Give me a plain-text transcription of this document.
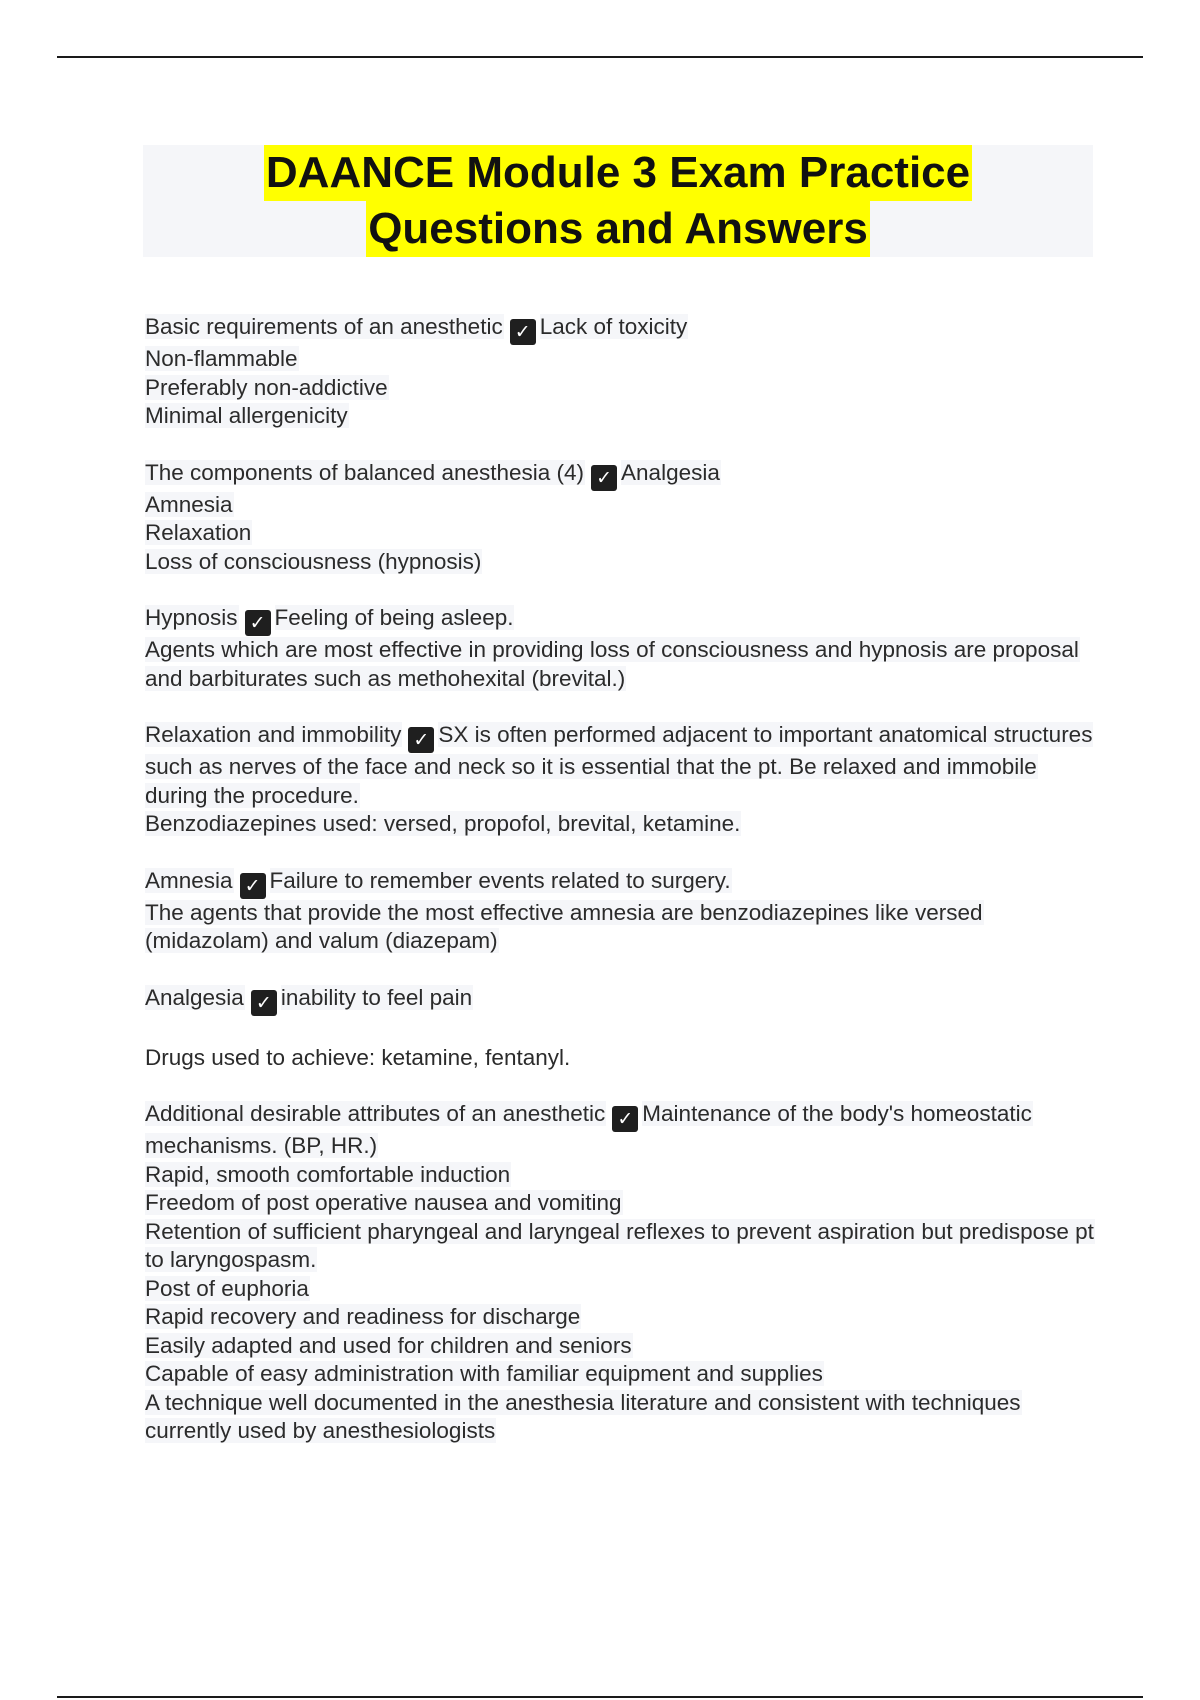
DAANCE Module 3 Exam Practice
Questions and Answers
Basic requirements of an anesthetic ✓ Lack of toxicity
Non-flammable
Preferably non-addictive
Minimal allergenicity
The components of balanced anesthesia (4) ✓ Analgesia
Amnesia
Relaxation
Loss of consciousness (hypnosis)
Hypnosis ✓ Feeling of being asleep.
Agents which are most effective in providing loss of consciousness and hypnosis are proposal and barbiturates such as methohexital (brevital.)
Relaxation and immobility ✓ SX is often performed adjacent to important anatomical structures such as nerves of the face and neck so it is essential that the pt. Be relaxed and immobile during the procedure.
Benzodiazepines used: versed, propofol, brevital, ketamine.
Amnesia ✓ Failure to remember events related to surgery.
The agents that provide the most effective amnesia are benzodiazepines like versed (midazolam) and valum (diazepam)
Analgesia ✓ inability to feel pain
Drugs used to achieve: ketamine, fentanyl.
Additional desirable attributes of an anesthetic ✓ Maintenance of the body's homeostatic mechanisms. (BP, HR.)
Rapid, smooth comfortable induction
Freedom of post operative nausea and vomiting
Retention of sufficient pharyngeal and laryngeal reflexes to prevent aspiration but predispose pt to laryngospasm.
Post of euphoria
Rapid recovery and readiness for discharge
Easily adapted and used for children and seniors
Capable of easy administration with familiar equipment and supplies
A technique well documented in the anesthesia literature and consistent with techniques currently used by anesthesiologists
